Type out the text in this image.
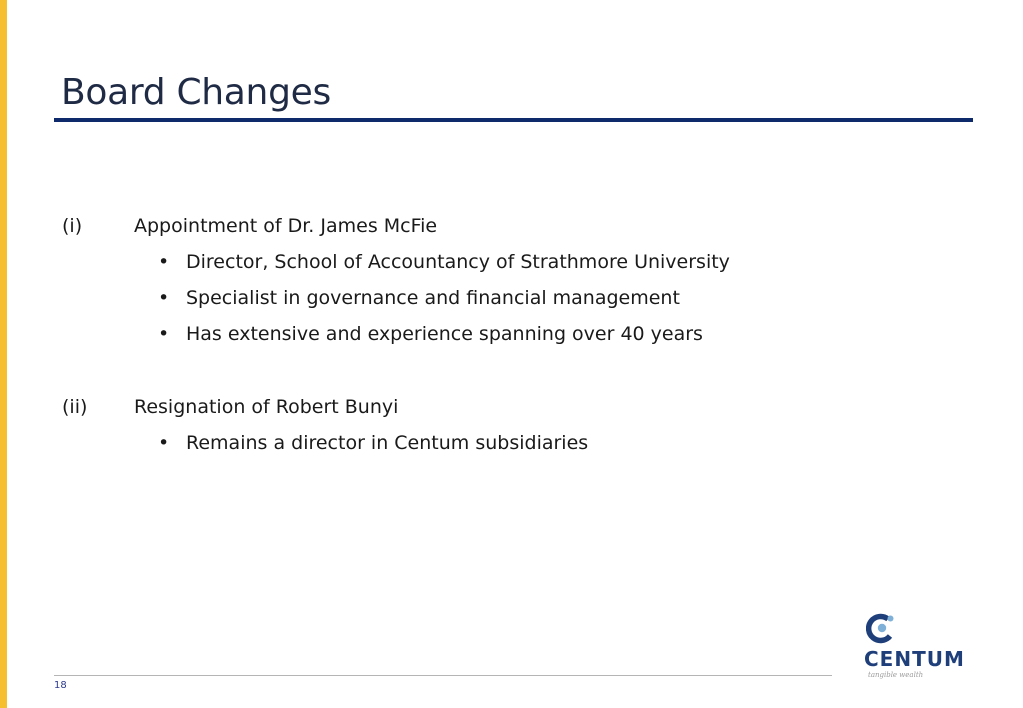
Board Changes
(i)	Appointment of Dr. James McFie
• Director, School of Accountancy of Strathmore University
• Specialist in governance and financial management
• Has extensive and experience spanning over 40 years
(ii) Resignation of Robert Bunyi
• Remains a director in Centum subsidiaries
18
CENTUM
tangible wealth
